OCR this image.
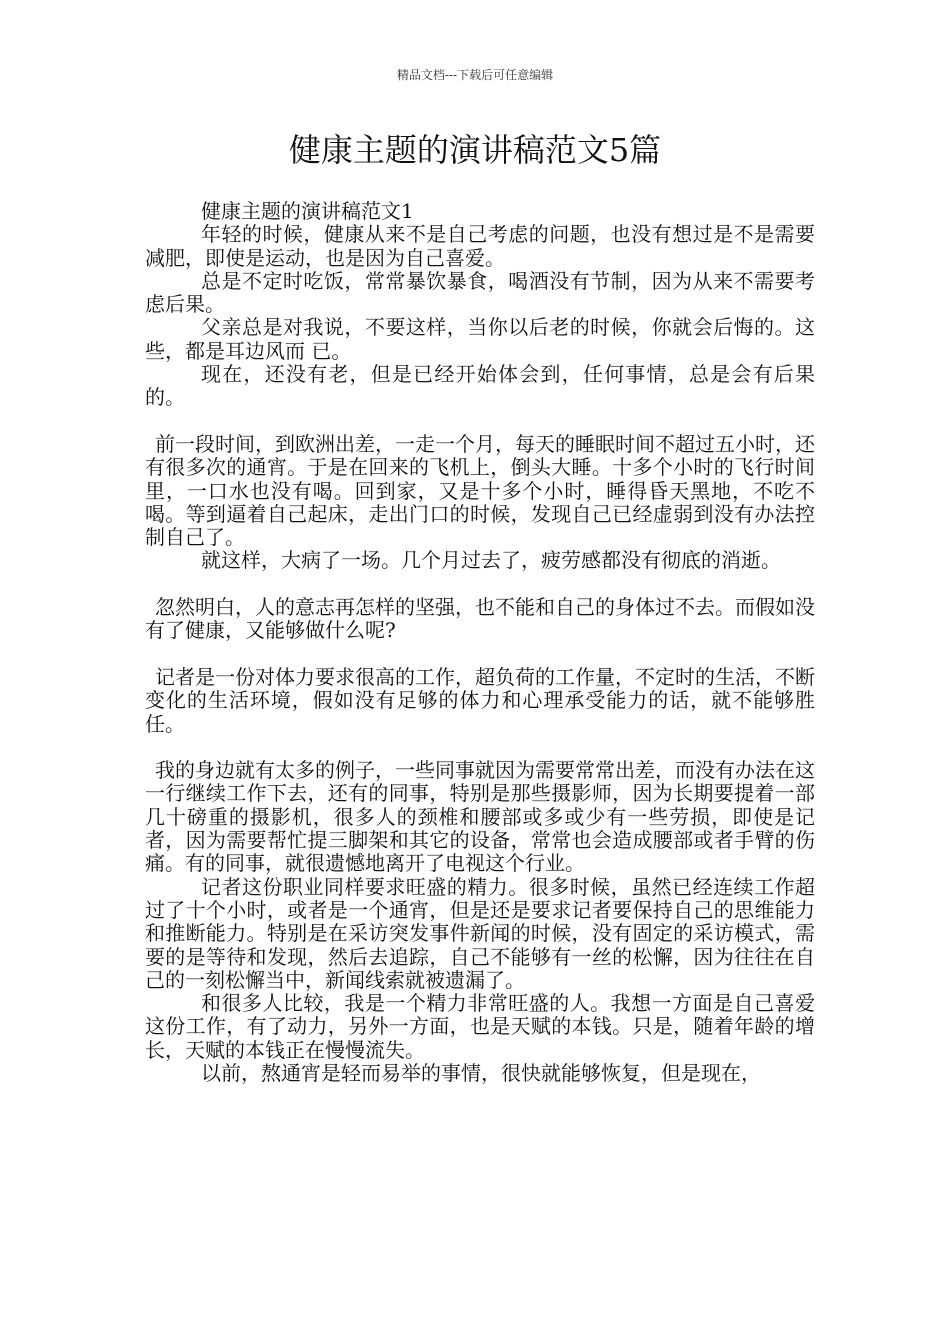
精品文档---下载后可任意编辑
健康主题的演讲稿范文5篇

健康主题的演讲稿范文1

年轻的时候，健康从来不是自己考虑的问题，也没有想过是不是需要减肥，即使是运动，也是因为自己喜爱。

总是不定时吃饭，常常暴饮暴食，喝酒没有节制，因为从来不需要考虑后果。

父亲总是对我说，不要这样，当你以后老的时候，你就会后悔的。这些，都是耳边风而 已。

现在，还没有老，但是已经开始体会到，任何事情，总是会有后果的。

前一段时间，到欧洲出差，一走一个月，每天的睡眠时间不超过五小时，还有很多次的通宵。于是在回来的飞机上，倒头大睡。十多个小时的飞行时间里，一口水也没有喝。回到家，又是十多个小时，睡得昏天黑地，不吃不喝。等到逼着自己起床，走出门口的时候，发现自己已经虚弱到没有办法控制自己了。

就这样，大病了一场。几个月过去了，疲劳感都没有彻底的消逝。

忽然明白，人的意志再怎样的坚强，也不能和自己的身体过不去。而假如没有了健康，又能够做什么呢?

记者是一份对体力要求很高的工作，超负荷的工作量，不定时的生活，不断变化的生活环境，假如没有足够的体力和心理承受能力的话，就不能够胜任。

我的身边就有太多的例子，一些同事就因为需要常常出差，而没有办法在这一行继续工作下去，还有的同事，特别是那些摄影师，因为长期要提着一部几十磅重的摄影机，很多人的颈椎和腰部或多或少有一些劳损，即使是记者，因为需要帮忙提三脚架和其它的设备，常常也会造成腰部或者手臂的伤痛。有的同事，就很遗憾地离开了电视这个行业。

记者这份职业同样要求旺盛的精力。很多时候，虽然已经连续工作超过了十个小时，或者是一个通宵，但是还是要求记者要保持自己的思维能力和推断能力。特别是在采访突发事件新闻的时候，没有固定的采访模式，需要的是等待和发现，然后去追踪，自己不能够有一丝的松懈，因为往往在自己的一刻松懈当中，新闻线索就被遗漏了。

和很多人比较，我是一个精力非常旺盛的人。我想一方面是自己喜爱这份工作，有了动力，另外一方面，也是天赋的本钱。只是，随着年龄的增长，天赋的本钱正在慢慢流失。

以前，熬通宵是轻而易举的事情，很快就能够恢复，但是现在，
